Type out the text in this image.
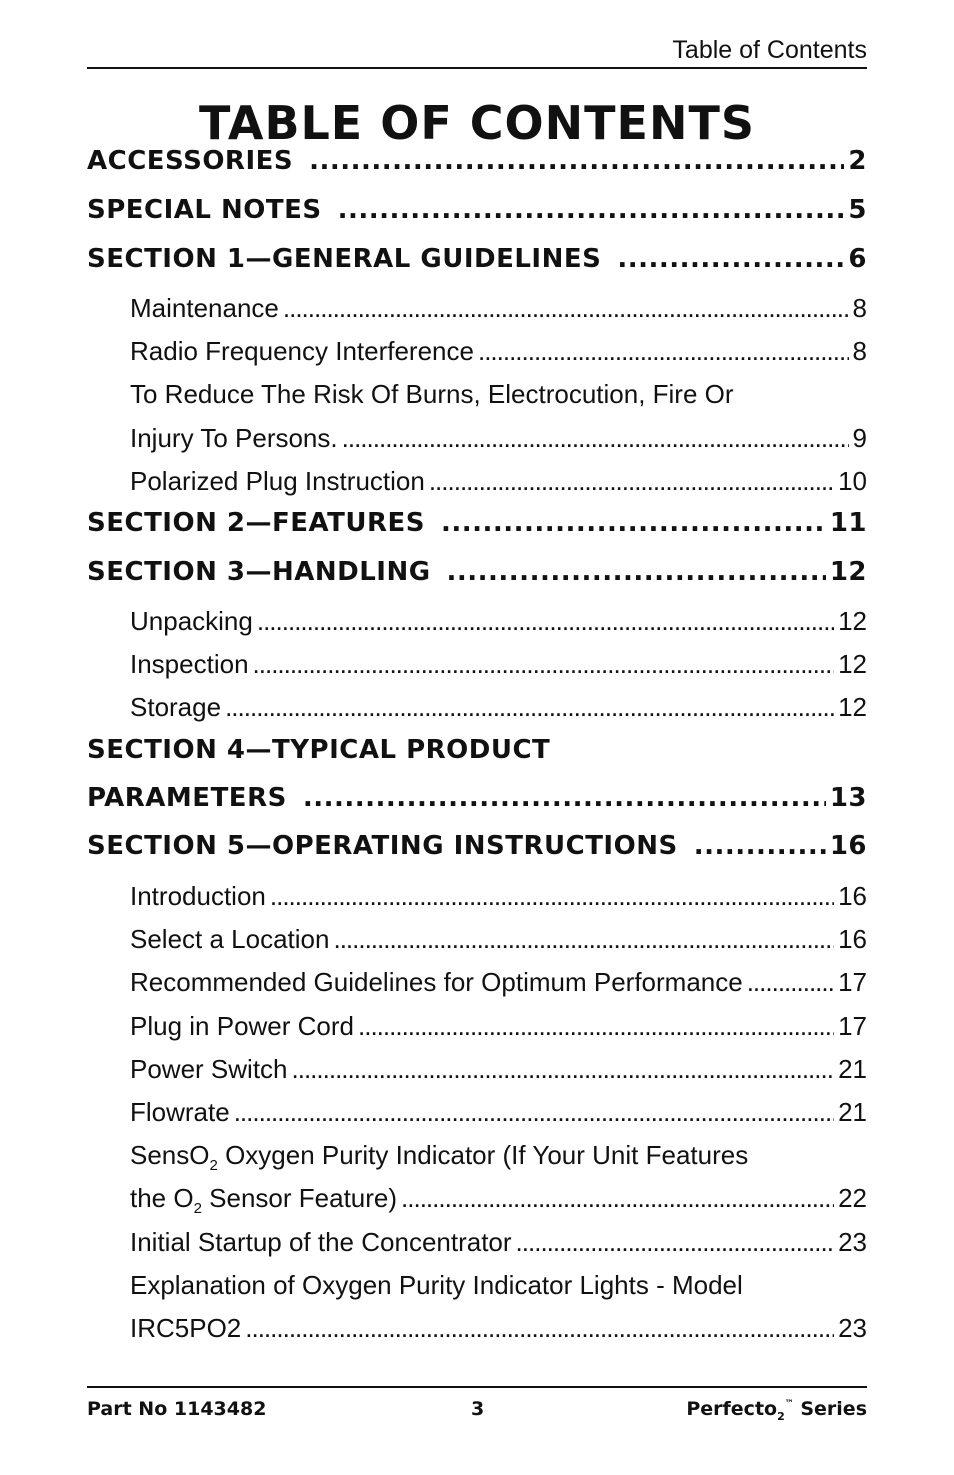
Table of Contents
TABLE OF CONTENTS
ACCESSORIES .....	2
SPECIAL NOTES .....	5
SECTION 1—GENERAL GUIDELINES .....	6
Maintenance .....	8
Radio Frequency Interference .....	8
To Reduce The Risk Of Burns, Electrocution, Fire Or
Injury To Persons. .....	9
Polarized Plug Instruction .....	10
SECTION 2—FEATURES .....	11
SECTION 3—HANDLING .....	12
Unpacking .....	12
Inspection .....	12
Storage .....	12
SECTION 4—TYPICAL PRODUCT
PARAMETERS .....	13
SECTION 5—OPERATING INSTRUCTIONS .....	16
Introduction .....	16
Select a Location .....	16
Recommended Guidelines for Optimum Performance .....	17
Plug in Power Cord .....	17
Power Switch .....	21
Flowrate .....	21
SensO$_2$ Oxygen Purity Indicator (If Your Unit Features
the $O_2$ Sensor Feature) .....	22
Initial Startup of the Concentrator .....	23
Explanation of Oxygen Purity Indicator Lights - Model
IRC5PO2 .....	23
Part No 1143482	3	Perfecto$_2$™ Series
